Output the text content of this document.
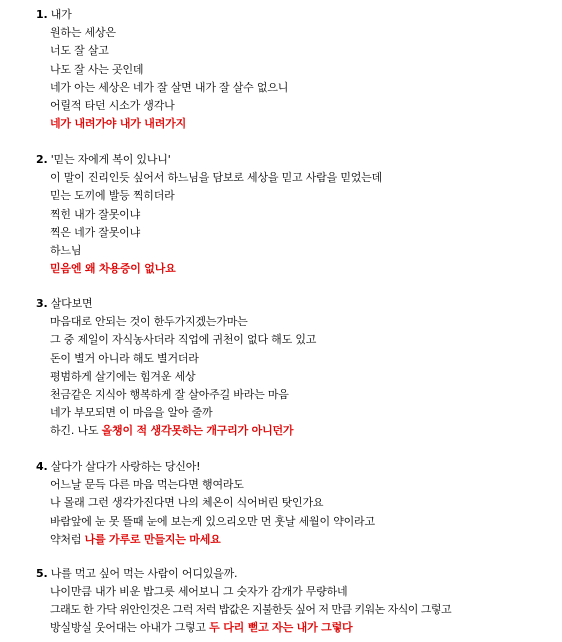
1. 내가
원하는 세상은
너도 잘 살고
나도 잘 사는 곳인데
네가 아는 세상은 네가 잘 살면 내가 잘 살수 없으니
어릴적 타던 시소가 생각나
네가 내려가야 내가 내려가지
2. '믿는 자에게 복이 있나니'
이 말이 진리인듯 싶어서 하느님을 담보로 세상을 믿고 사람을 믿었는데
믿는 도끼에 발등 찍히더라
찍힌 내가 잘못이냐
찍은 네가 잘못이냐
하느님
믿음엔 왜 차용증이 없나요
3. 살다보면
마음대로 안되는 것이 한두가지겠는가마는
그 중 제일이 자식농사더라 직업에 귀천이 없다 해도 있고
돈이 별거 아니라 해도 별거더라
평범하게 살기에는 힘겨운 세상
천금같은 지식아 행복하게 잘 살아주길 바라는 마음
네가 부모되면 이 마음을 알아 줄까
하긴. 나도 올챙이 적 생각못하는 개구리가 아니던가
4. 살다가 살다가 사랑하는 당신아!
어느날 문득 다른 마음 먹는다면 행여라도
나 몰래 그런 생각가진다면 나의 체온이 식어버린 탓인가요
바람앞에 눈 못 뜰때 눈에 보는게 있으리오만 먼 훗날 세월이 약이라고
약처럼 나를 가루로 만들지는 마세요
5. 나를 먹고 싶어 먹는 사람이 어디있을까.
나이만큼 내가 비운 밥그릇 세어보니 그 숫자가 감개가 무량하네
그래도 한 가닥 위안인것은 그럭 저럭 밥값은 지불한듯 싶어 저 만큼 키워논 자식이 그렇고
방실방실 웃어대는 아내가 그렇고 두 다리 뻗고 자는 내가 그렇다
